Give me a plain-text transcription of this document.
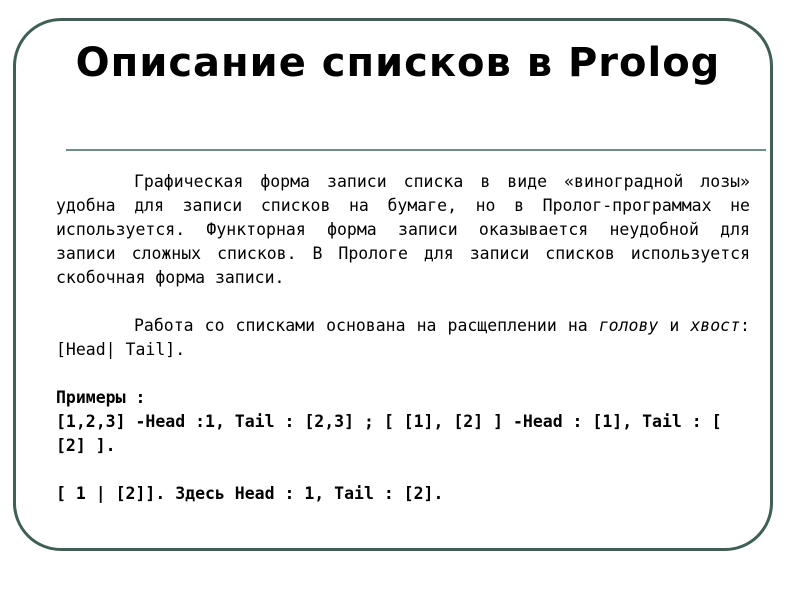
Описание списков в Prolog

Графическая форма записи списка в виде «виноградной лозы» удобна для записи списков на бумаге, но в Пролог-программах не используется. Функторная форма записи оказывается неудобной для записи сложных списков. В Прологе для записи списков используется скобочная форма записи.

Работа со списками основана на расщеплении на голову и хвост: [Head| Tail].

Примеры :

[1,2,3] -Head :1, Tail : [2,3] ; [ [1], [2] ] -Head : [1], Tail : [ [2] ].

[ 1 | [2]]. Здесь Head : 1, Tail : [2].
